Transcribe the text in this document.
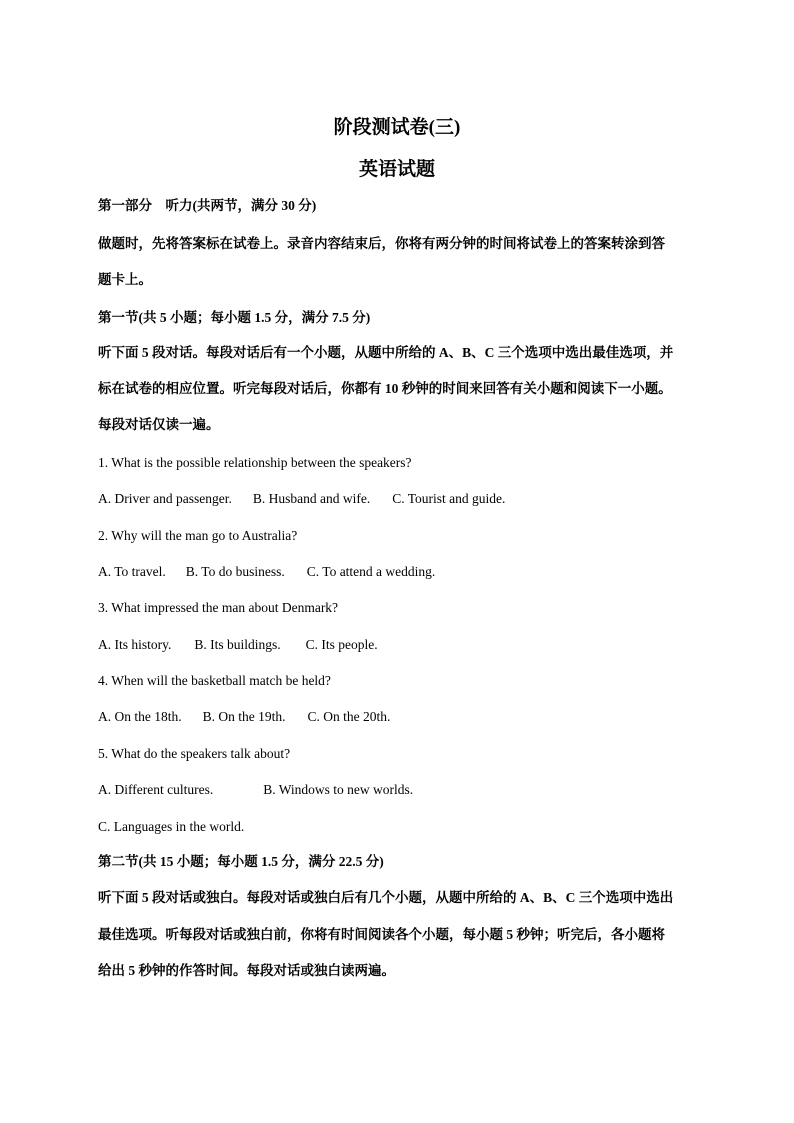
阶段测试卷(三)
英语试题
第一部分　听力(共两节，满分 30 分)
做题时，先将答案标在试卷上。录音内容结束后，你将有两分钟的时间将试卷上的答案转涂到答
题卡上。
第一节(共 5 小题；每小题 1.5 分，满分 7.5 分)
听下面 5 段对话。每段对话后有一个小题，从题中所给的 A、B、C 三个选项中选出最佳选项，并
标在试卷的相应位置。听完每段对话后，你都有 10 秒钟的时间来回答有关小题和阅读下一小题。
每段对话仅读一遍。
1. What is the possible relationship between the speakers?
A. Driver and passenger. B. Husband and wife. C. Tourist and guide.
2. Why will the man go to Australia?
A. To travel. B. To do business. C. To attend a wedding.
3. What impressed the man about Denmark?
A. Its history. B. Its buildings. C. Its people.
4. When will the basketball match be held?
A. On the 18th. B. On the 19th. C. On the 20th.
5. What do the speakers talk about?
A. Different cultures.	B. Windows to new worlds.
C. Languages in the world.
第二节(共 15 小题；每小题 1.5 分，满分 22.5 分)
听下面 5 段对话或独白。每段对话或独白后有几个小题，从题中所给的 A、B、C 三个选项中选出
最佳选项。听每段对话或独白前，你将有时间阅读各个小题，每小题 5 秒钟；听完后，各小题将
给出 5 秒钟的作答时间。每段对话或独白读两遍。
